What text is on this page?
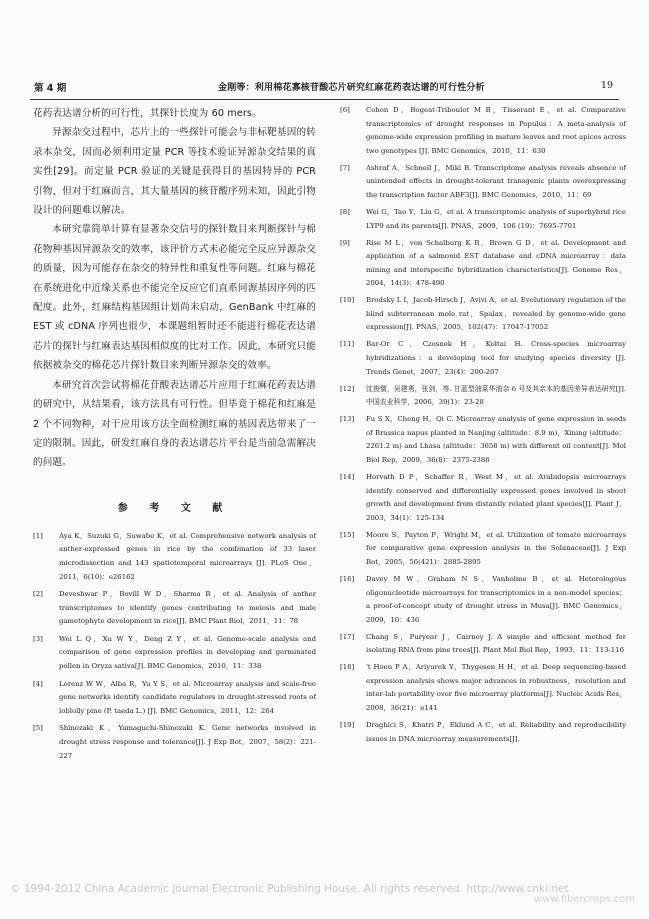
第 4 期	金刚等：利用棉花寡核苷酸芯片研究红麻花药表达谱的可行性分析	19

花药表达谱分析的可行性，其探针长度为 60 mers。

异源杂交过程中，芯片上的一些探针可能会与非标靶基因的转录本杂交，因而必须利用定量 PCR 等技术验证异源杂交结果的真实性[29]。而定量 PCR 验证的关键是获得目的基因特异的 PCR 引物，但对于红麻而言，其大量基因的核苷酸序列未知，因此引物设计的问题难以解决。

本研究靠简单计算有显著杂交信号的探针数目来判断探针与棉花物种基因异源杂交的效率，该评价方式未必能完全反应异源杂交的质量，因为可能存在杂交的特异性和重复性等问题。红麻与棉花在系统进化中近缘关系也不能完全反应它们直系同源基因序列的匹配度。此外，红麻结构基因组计划尚未启动，GenBank 中红麻的 EST 或 cDNA 序列也很少，本课题组暂时还不能进行棉花表达谱芯片的探针与红麻表达基因相似度的比对工作。因此，本研究只能依据被杂交的棉花芯片探针数目来判断异源杂交的效率。

本研究首次尝试将棉花苷酸表达谱芯片应用于红麻花药表达谱的研究中，从结果看，该方法具有可行性。但毕竟于棉花和红麻是 2 个不同物种，对于应用该方法全面检测红麻的基因表达带来了一定的限制。因此，研发红麻自身的表达谱芯片平台是当前急需解决的问题。

参 考 文 献
[1]	Aya K，Suzuki G，Suwabe K，et al. Comprehensive network analysis of anther-expressed genes in rice by the combination of 33 laser microdissection and 143 spatiotemporal microarrays [J]. PLoS One，2011，6(10)：e26162
[2]	Deveshwar P，Bovill W D，Sharma R，et al. Analysis of anther transcriptomes to identify genes contributing to meiosis and male gametophyte development in rice[J]. BMC Plant Biol，2011，11：78
[3]	Wei L Q，Xu W Y，Deng Z Y，et al. Genome-scale analysis and comparison of gene expression profiles in developing and germinated pollen in Oryza sativa[J]. BMC Genomics，2010，11：338
[4]	Lorenz W W，Alba R，Yu Y S，et al. Microarray analysis and scale-free gene networks identify candidate regulators in drought-stressed roots of loblolly pine (P. taeda L.) [J]. BMC Genomics，2011，12：264
[5]	Shinozaki K，Yamaguchi-Shinozaki K. Gene networks involved in drought stress response and tolerance[J]. J Exp Bot，2007，58(2)：221-227
[6]	Cohen D，Bogeat-Triboulot M B，Tisserant E，et al. Comparative transcriptomics of drought responses in Populus：A meta-analysis of genome-wide expression profiling in mature leaves and root apices across two genotypes [J]. BMC Genomics，2010，11：630
[7]	Ashraf A，Schnell J，Miki B. Transcriptome analysis reveals absence of unintended effects in drought-tolerant transgenic plants overexpressing the transcription factor ABF3[J]. BMC Genomics，2010，11：69
[8]	Wei G，Tao Y，Liu G，et al. A transcriptomic analysis of superhybrid rice LYP9 and its parents[J]. PNAS，2009，106 (19)：7695-7701
[9]	Rise M L，von Schalburg K R，Brown G D，et al. Development and application of a salmonid EST database and cDNA microarray：data mining and interspecific hybridization characteristics[J]. Genome Res，2004，14(3)：478-490
[10]	Brodsky L I，Jacob-Hirsch J，Avivi A，et al. Evolutionary regulation of the blind subterranean mole rat，Spalax，revealed by genome-wide gene expression[J]. PNAS，2005，102(47)：17047-17052
[11]	Bar-Or C，Czosnek H，Koltai H. Cross-species microarray hybridizations：a developing tool for studying species diversity [J]. Trends Genet，2007，23(4)：200-207
[12]	沈俊儒，吴建勇，张剑，等. 甘蓝型油菜华油杂 6 号及其亲本的基因差异表达研究[J]. 中国农业科学，2006，39(1)：23-28
[13]	Fu S X，Cheng H，Qi C. Microarray analysis of gene expression in seeds of Brassica napus planted in Nanjing (altitude：8.9 m)，Xining (altitude：2261.2 m) and Lhasa (altitude：3658 m) with different oil content[J]. Mol Biol Rep，2009，36(8)：2375-2386
[14]	Horvath D P，Schaffer R，West M，et al. Arabidopsis microarrays identify conserved and differentially expressed genes involved in shoot growth and development from distantly related plant species[J]. Plant J，2003，34(1)：125-134
[15]	Moore S，Payton P，Wright M，et al. Utilization of tomato microarrays for comparative gene expression analysis in the Solanaceae[J]. J Exp Bot，2005，56(421)：2885-2895
[16]	Davey M W，Graham N S，Vanholme B，et al. Heterologous oligonucleotide microarrays for transcriptomics in a non-model species；a proof-of-concept study of drought stress in Musa[J]. BMC Genomics，2009，10：436
[17]	Chang S，Puryear J，Cairney J. A simple and efficient method for isolating RNA from pine trees[J]. Plant Mol Biol Rep，1993，11：113-116
[18]	't Hoen P A，Ariyurek Y，Thygesen H H，et al. Deep sequencing-based expression analysis shows major advances in robustness，resolution and inter-lab portability over five microarray platforms[J]. Nucleic Acids Res，2008，36(21)：e141
[19]	Draghici S，Khatri P，Eklund A C，et al. Reliability and reproducibility issues in DNA microarray measurements[J].
© 1994-2012 China Academic Journal Electronic Publishing House. All rights reserved. http://www.cnki.net
www.fibercrops.com
